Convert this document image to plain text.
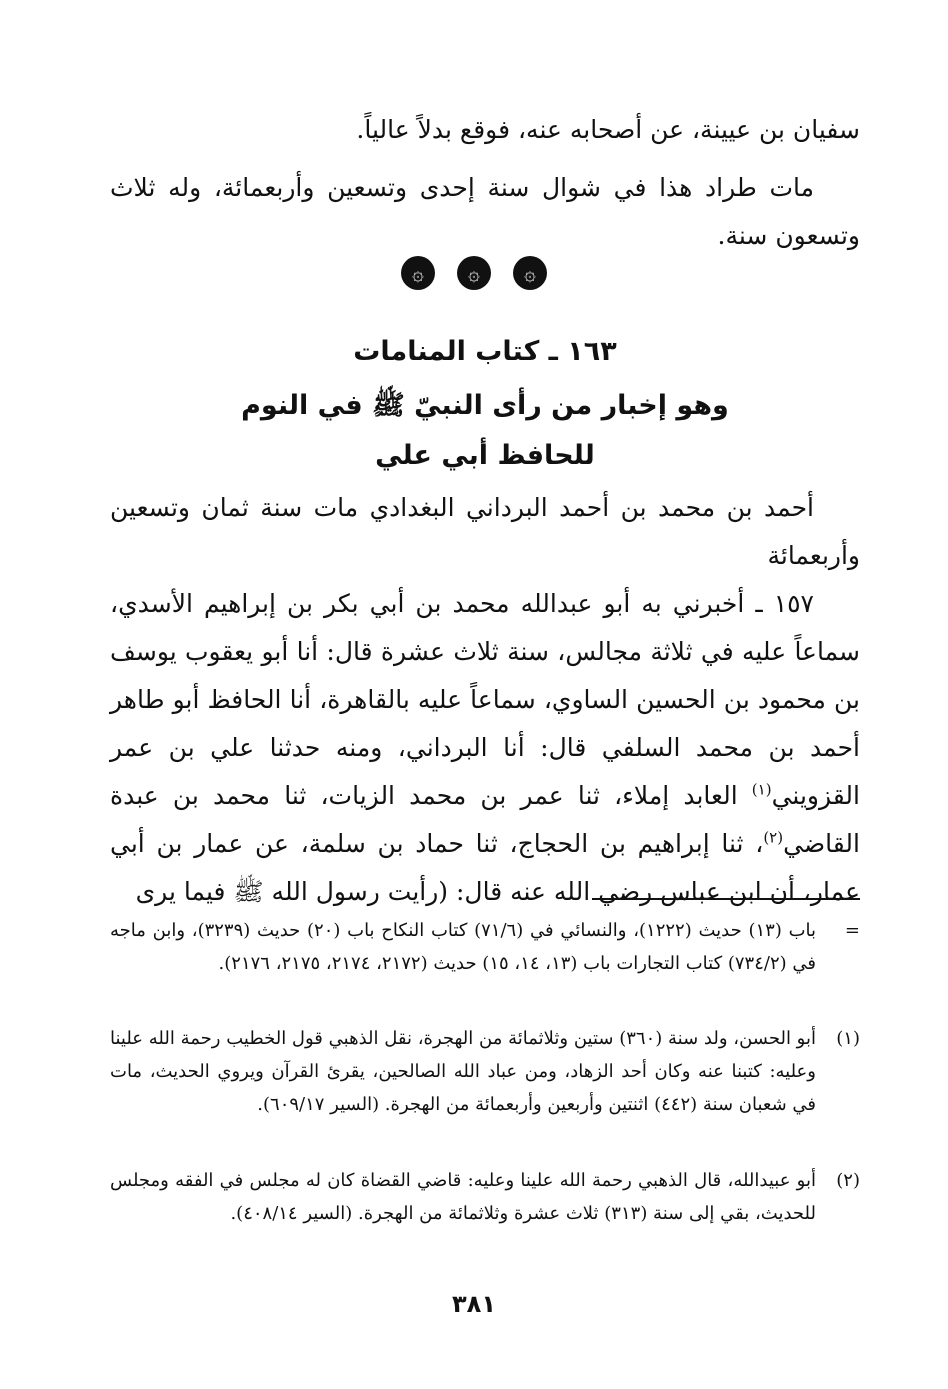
سفيان بن عيينة، عن أصحابه عنه، فوقع بدلاً عالياً.

مات طراد هذا في شوال سنة إحدى وتسعين وأربعمائة، وله ثلاث وتسعون سنة.

۞	۞	۞
١٦٣ ـ كتاب المنامات
وهو إخبار من رأى النبيّ ﷺ في النوم
للحافظ أبي علي

أحمد بن محمد بن أحمد البرداني البغدادي مات سنة ثمان وتسعين وأربعمائة

١٥٧ ـ أخبرني به أبو عبدالله محمد بن أبي بكر بن إبراهيم الأسدي، سماعاً عليه في ثلاثة مجالس، سنة ثلاث عشرة قال: أنا أبو يعقوب يوسف بن محمود بن الحسين الساوي، سماعاً عليه بالقاهرة، أنا الحافظ أبو طاهر أحمد بن محمد السلفي قال: أنا البرداني، ومنه حدثنا علي بن عمر القزويني$^{(١)}$ العابد إملاء، ثنا عمر بن محمد الزيات، ثنا محمد بن عبدة القاضي$^{(٢)}$، ثنا إبراهيم بن الحجاج، ثنا حماد بن سلمة، عن عمار بن أبي عمار، أن ابن عباس رضي الله عنه قال: (رأيت رسول الله ﷺ فيما يرى

=
باب (١٣) حديث (١٢٢٢)، والنسائي في (٧١/٦) كتاب النكاح باب (٢٠) حديث (٣٢٣٩)، وابن ماجه في (٧٣٤/٢) كتاب التجارات باب (١٣، ١٤، ١٥) حديث (٢١٧٢، ٢١٧٤، ٢١٧٥، ٢١٧٦).
(١)
أبو الحسن، ولد سنة (٣٦٠) ستين وثلاثمائة من الهجرة، نقل الذهبي قول الخطيب رحمة الله علينا وعليه: كتبنا عنه وكان أحد الزهاد، ومن عباد الله الصالحين، يقرئ القرآن ويروي الحديث، مات في شعبان سنة (٤٤٢) اثنتين وأربعين وأربعمائة من الهجرة. (السير ٦٠٩/١٧).
(٢)
أبو عبيدالله، قال الذهبي رحمة الله علينا وعليه: قاضي القضاة كان له مجلس في الفقه ومجلس للحديث، بقي إلى سنة (٣١٣) ثلاث عشرة وثلاثمائة من الهجرة. (السير ٤٠٨/١٤).
٣٨١
